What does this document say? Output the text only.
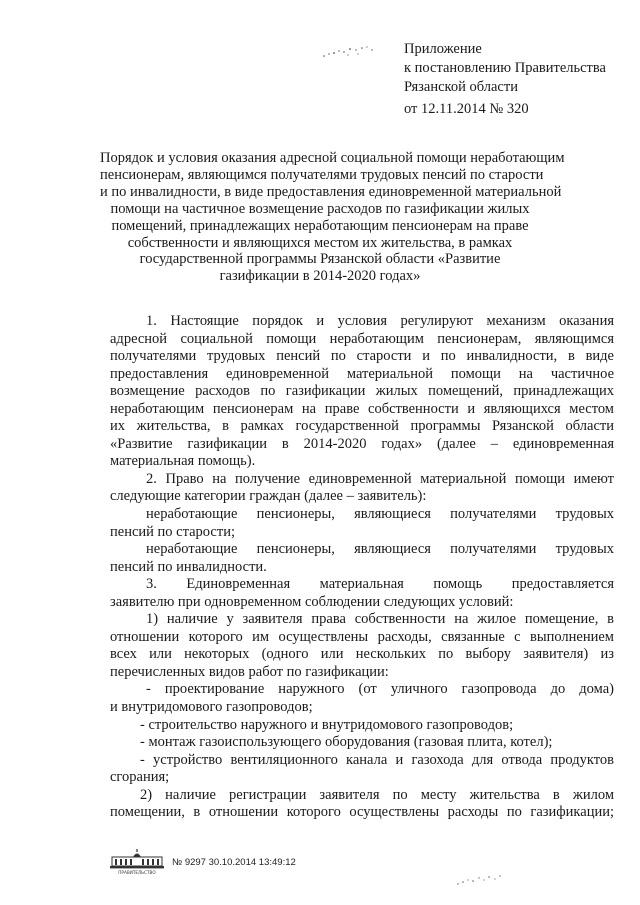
Приложение
к постановлению Правительства
Рязанской области
от 12.11.2014 № 320
Порядок и условия оказания адресной социальной помощи неработающим
пенсионерам, являющимся получателями трудовых пенсий по старости
и по инвалидности, в виде предоставления единовременной материальной
помощи на частичное возмещение расходов по газификации жилых
помещений, принадлежащих неработающим пенсионерам на праве
собственности и являющихся местом их жительства, в рамках
государственной программы Рязанской области «Развитие
газификации в 2014-2020 годах»
1. Настоящие порядок и условия регулируют механизм оказания
адресной социальной помощи неработающим пенсионерам, являющимся
получателями трудовых пенсий по старости и по инвалидности, в виде
предоставления единовременной материальной помощи на частичное
возмещение расходов по газификации жилых помещений, принадлежащих
неработающим пенсионерам на праве собственности и являющихся местом
их жительства, в рамках государственной программы Рязанской области
«Развитие газификации в 2014-2020 годах» (далее – единовременная
материальная помощь).
2. Право на получение единовременной материальной помощи имеют
следующие категории граждан (далее – заявитель):
неработающие пенсионеры, являющиеся получателями трудовых
пенсий по старости;
неработающие пенсионеры, являющиеся получателями трудовых
пенсий по инвалидности.
3. Единовременная материальная помощь предоставляется
заявителю при одновременном соблюдении следующих условий:
1) наличие у заявителя права собственности на жилое помещение, в
отношении которого им осуществлены расходы, связанные с выполнением
всех или некоторых (одного или нескольких по выбору заявителя) из
перечисленных видов работ по газификации:
- проектирование наружного (от уличного газопровода до дома)
и внутридомового газопроводов;
- строительство наружного и внутридомового газопроводов;
- монтаж газоиспользующего оборудования (газовая плита, котел);
- устройство вентиляционного канала и газохода для отвода продуктов
сгорания;
2) наличие регистрации заявителя по месту жительства в жилом
помещении, в отношении которого осуществлены расходы по газификации;
ПРАВИТЕЛЬСТВО
№ 9297 30.10.2014 13:49:12
